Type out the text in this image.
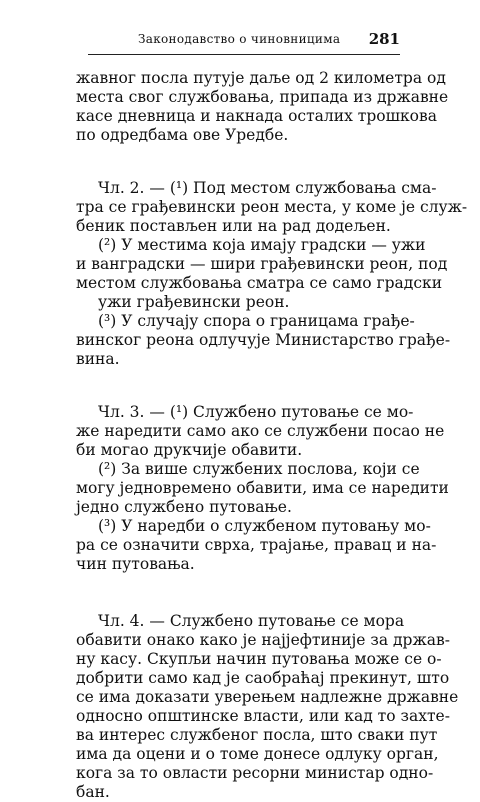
Законодавство о чиновницима 281
жавног посла путује даље од 2 километра од
места свог службовања, припада из државне
касе дневница и накнада осталих трошкова
по одредбама ове Уредбе.
Чл. 2. — (¹) Под местом службовања сма-
тра се грађевински реон места, у коме је служ-
беник постављен или на рад додељен.
(²) У местима која имају градски — ужи
и вангpадски — шири грађевински реон, под
местом службовања сматра се само градски
ужи грађевински реон.
(³) У случају спора о границама грађе-
винског реона одлучује Министарство грађе-
вина.
Чл. 3. — (¹) Службено путовање се мо-
же наредити само ако се службени посао не
би могао друкчије обавити.
(²) За више службених послова, који се
могу једновремено обавити, има се наредити
једно службено путовање.
(³) У наредби о службеном путовању мо-
ра се означити сврха, трајање, правац и на-
чин путовања.
Чл. 4. — Службено путовање се мора
обавити онако како је најјефтиније за држав-
ну касу. Скупљи начин путовања може се о-
добрити само кад је саобраћај прекинут, што
се има доказати уверењем надлежне државне
односно општинске власти, или кад то захте-
ва интерес службеног посла, што сваки пут
има да оцени и о томе донесе одлуку орган,
кога за то овласти ресорни министар одно-
бан.
